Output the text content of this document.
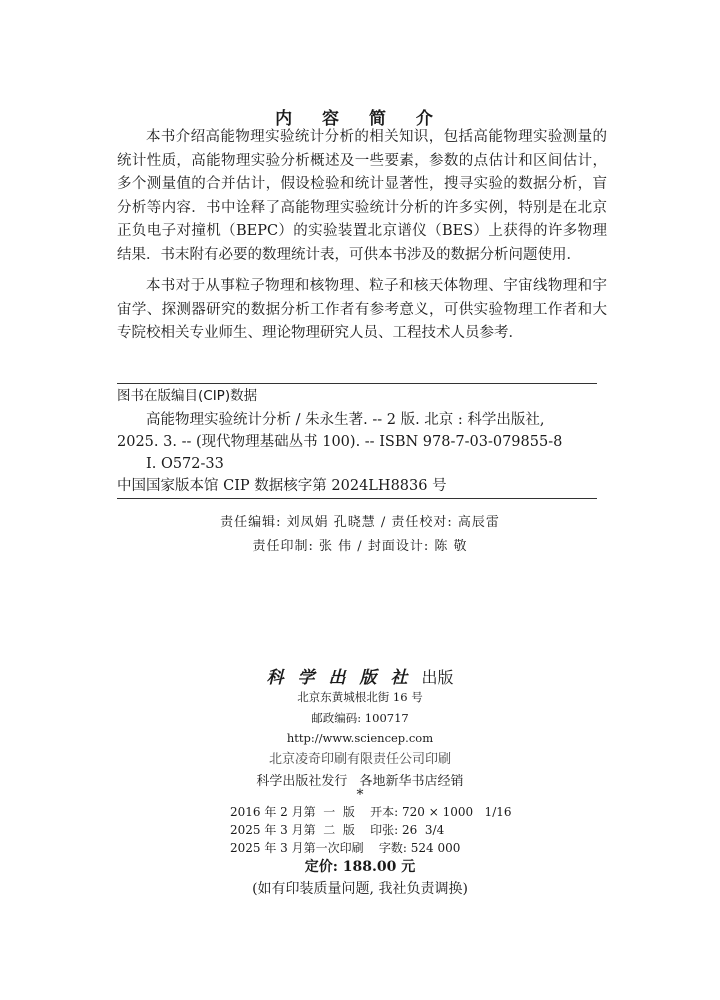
内 容 简 介

本书介绍高能物理实验统计分析的相关知识，包括高能物理实验测量的统计性质，高能物理实验分析概述及一些要素，参数的点估计和区间估计，多个测量值的合并估计，假设检验和统计显著性，搜寻实验的数据分析，盲分析等内容．书中诠释了高能物理实验统计分析的许多实例，特别是在北京正负电子对撞机（BEPC）的实验装置北京谱仪（BES）上获得的许多物理结果．书末附有必要的数理统计表，可供本书涉及的数据分析问题使用．

本书对于从事粒子物理和核物理、粒子和核天体物理、宇宙线物理和宇宙学、探测器研究的数据分析工作者有参考意义，可供实验物理工作者和大专院校相关专业师生、理论物理研究人员、工程技术人员参考．

图书在版编目(CIP)数据
高能物理实验统计分析 / 朱永生著. -- 2 版. 北京 : 科学出版社,
2025. 3. -- (现代物理基础丛书 100). -- ISBN 978-7-03-079855-8
I. O572-33
中国国家版本馆 CIP 数据核字第 2024LH8836 号
责任编辑: 刘凤娟 孔晓慧 / 责任校对: 高辰雷
责任印制: 张 伟 / 封面设计: 陈 敬
科学出版社出版
北京东黄城根北街 16 号
邮政编码: 100717
http://www.sciencep.com
北京凌奇印刷有限责任公司印刷
科学出版社发行 各地新华书店经销
*
2016 年 2 月第  一  版    开本: 720 × 1000   1/16
2025 年 3 月第  二  版    印张: 26  3/4
2025 年 3 月第一次印刷    字数: 524 000
定价: 188.00 元
(如有印装质量问题, 我社负责调换)
